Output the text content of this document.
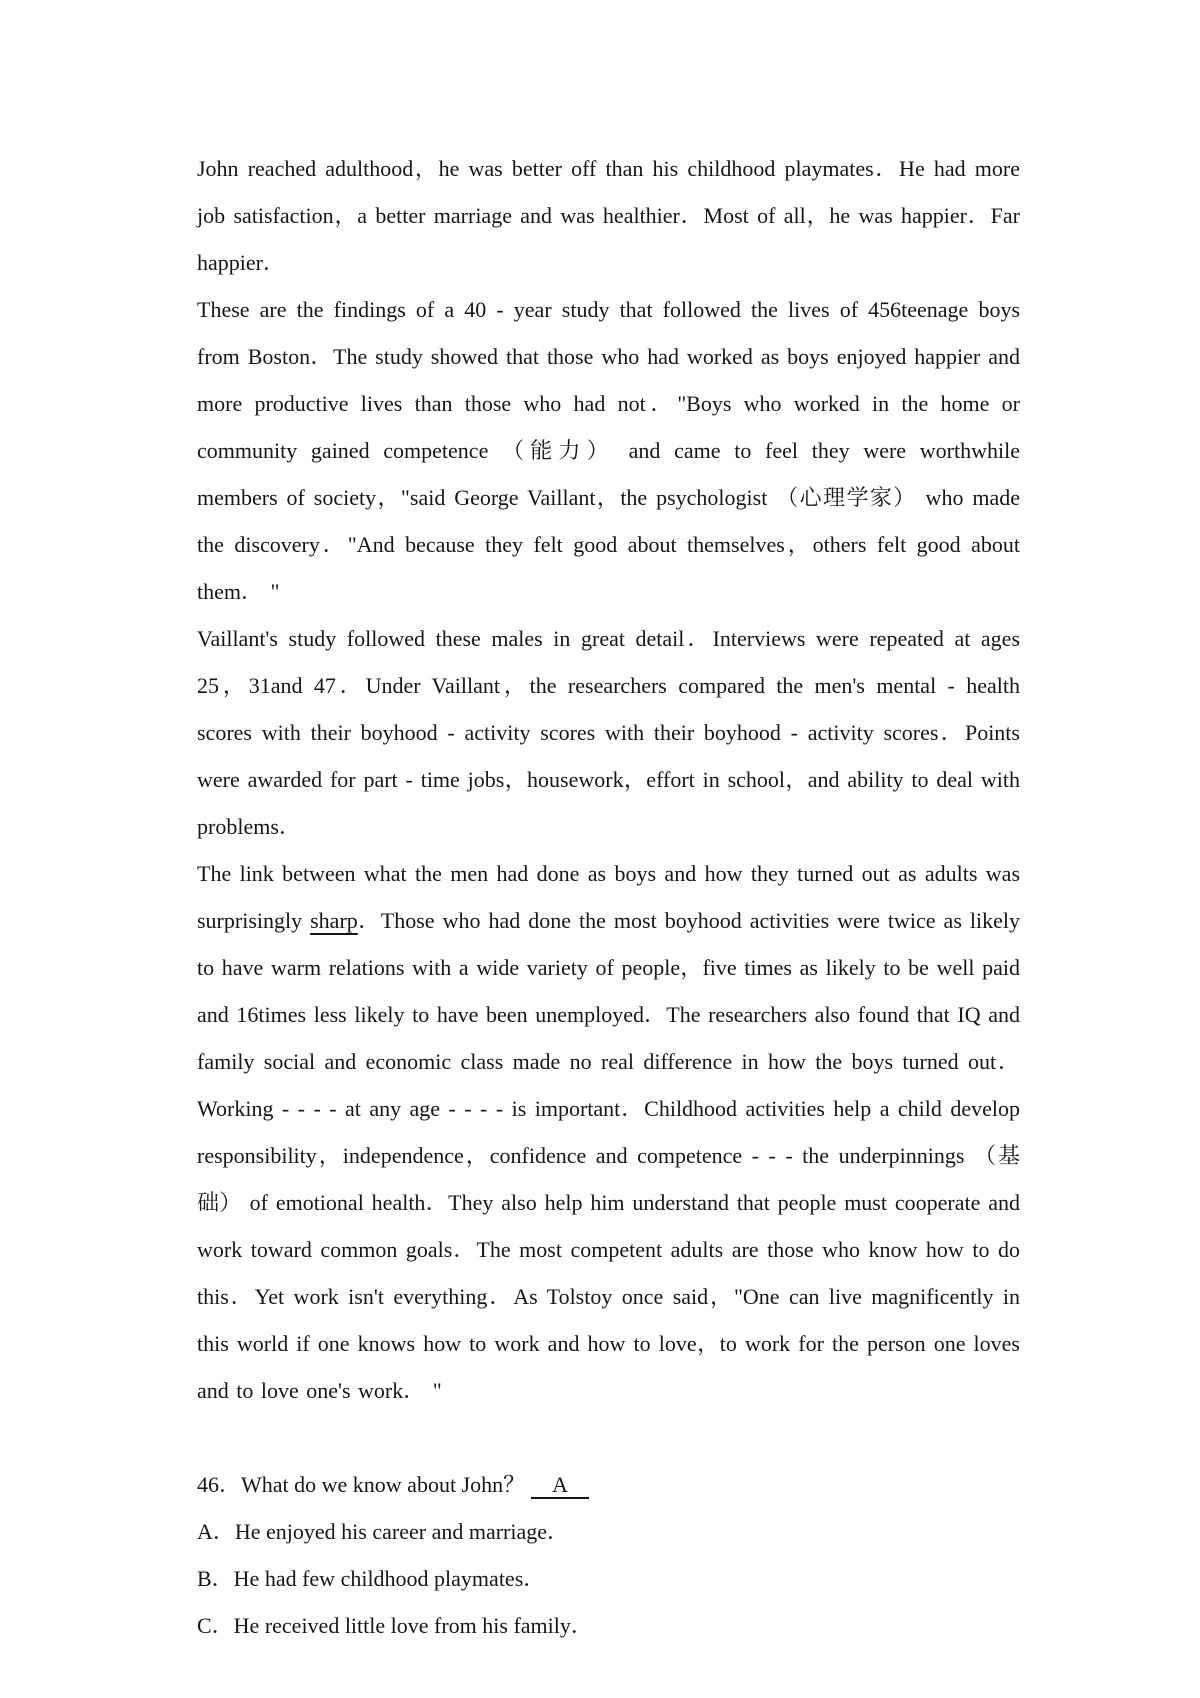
John reached adulthood，he was better off than his childhood playmates．He had more job satisfaction，a better marriage and was healthier．Most of all，he was happier．Far happier．

These are the findings of a 40 - year study that followed the lives of 456teenage boys from Boston．The study showed that those who had worked as boys enjoyed happier and more productive lives than those who had not．"Boys who worked in the home or community gained competence （能力） and came to feel they were worthwhile members of society，"said George Vaillant，the psychologist （心理学家） who made the discovery．"And because they felt good about themselves，others felt good about them． "

Vaillant's study followed these males in great detail．Interviews were repeated at ages 25，31and 47．Under Vaillant，the researchers compared the men's mental - health scores with their boyhood - activity scores with their boyhood - activity scores．Points were awarded for part - time jobs，housework，effort in school，and ability to deal with problems．

The link between what the men had done as boys and how they turned out as adults was surprisingly sharp．Those who had done the most boyhood activities were twice as likely to have warm relations with a wide variety of people，five times as likely to be well paid and 16times less likely to have been unemployed．The researchers also found that IQ and family social and economic class made no real difference in how the boys turned out．Working - - - - at any age - - - - is important．Childhood activities help a child develop responsibility，independence，confidence and competence - - - the underpinnings （基础） of emotional health．They also help him understand that people must cooperate and work toward common goals．The most competent adults are those who know how to do this．Yet work isn't everything．As Tolstoy once said，"One can live magnificently in this world if one knows how to work and how to love，to work for the person one loves and to love one's work． "

46．What do we know about John？ A
A．He enjoyed his career and marriage．
B．He had few childhood playmates．
C．He received little love from his family．
